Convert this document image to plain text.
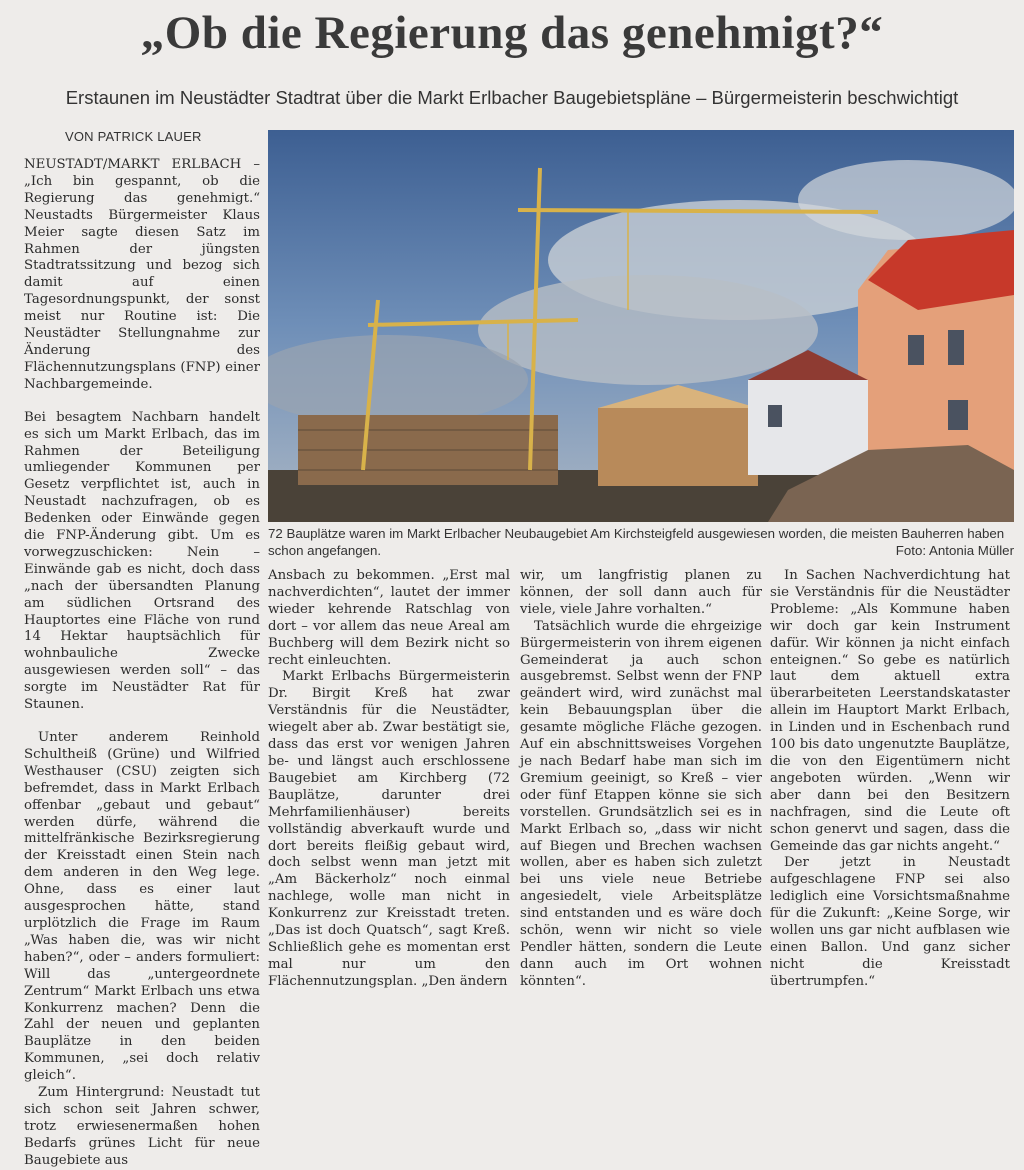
„Ob die Regierung das genehmigt?“
Erstaunen im Neustädter Stadtrat über die Markt Erlbacher Baugebietspläne – Bürgermeisterin beschwichtigt
VON PATRICK LAUER

NEUSTADT/MARKT ERLBACH – „Ich bin gespannt, ob die Regierung das genehmigt.“ Neustadts Bürgermeister Klaus Meier sagte diesen Satz im Rahmen der jüngsten Stadtratssitzung und bezog sich damit auf einen Tagesordnungspunkt, der sonst meist nur Routine ist: Die Neustädter Stellungnahme zur Änderung des Flächennutzungsplans (FNP) einer Nachbargemeinde.

Bei besagtem Nachbarn handelt es sich um Markt Erlbach, das im Rahmen der Beteiligung umliegender Kommunen per Gesetz verpflichtet ist, auch in Neustadt nachzufragen, ob es Bedenken oder Einwände gegen die FNP-Änderung gibt. Um es vorwegzuschicken: Nein – Einwände gab es nicht, doch dass „nach der übersandten Planung am südlichen Ortsrand des Hauptortes eine Fläche von rund 14 Hektar hauptsächlich für wohnbauliche Zwecke ausgewiesen werden soll“ – das sorgte im Neustädter Rat für Staunen.

Unter anderem Reinhold Schultheiß (Grüne) und Wilfried Westhauser (CSU) zeigten sich befremdet, dass in Markt Erlbach offenbar „gebaut und gebaut“ werden dürfe, während die mittelfränkische Bezirksregierung der Kreisstadt einen Stein nach dem anderen in den Weg lege. Ohne, dass es einer laut ausgesprochen hätte, stand urplötzlich die Frage im Raum „Was haben die, was wir nicht haben?“, oder – anders formuliert: Will das „untergeordnete Zentrum“ Markt Erlbach uns etwa Konkurrenz machen? Denn die Zahl der neuen und geplanten Bauplätze in den beiden Kommunen, „sei doch relativ gleich“.

Zum Hintergrund: Neustadt tut sich schon seit Jahren schwer, trotz erwiesenermaßen hohen Bedarfs grünes Licht für neue Baugebiete aus

72 Bauplätze waren im Markt Erlbacher Neubaugebiet Am Kirchsteigfeld ausgewiesen worden, die meisten Bauherren haben schon angefangen.	Foto: Antonia Müller

Ansbach zu bekommen. „Erst mal nachverdichten“, lautet der immer wieder kehrende Ratschlag von dort – vor allem das neue Areal am Buchberg will dem Bezirk nicht so recht einleuchten.

Markt Erlbachs Bürgermeisterin Dr. Birgit Kreß hat zwar Verständnis für die Neustädter, wiegelt aber ab. Zwar bestätigt sie, dass das erst vor wenigen Jahren be- und längst auch erschlossene Baugebiet am Kirchberg (72 Bauplätze, darunter drei Mehrfamilienhäuser) bereits vollständig abverkauft wurde und dort bereits fleißig gebaut wird, doch selbst wenn man jetzt mit „Am Bäckerholz“ noch einmal nachlege, wolle man nicht in Konkurrenz zur Kreisstadt treten. „Das ist doch Quatsch“, sagt Kreß. Schließlich gehe es momentan erst mal nur um den Flächennutzungsplan. „Den ändern

wir, um langfristig planen zu können, der soll dann auch für viele, viele Jahre vorhalten.“

Tatsächlich wurde die ehrgeizige Bürgermeisterin von ihrem eigenen Gemeinderat ja auch schon ausgebremst. Selbst wenn der FNP geändert wird, wird zunächst mal kein Bebauungsplan über die gesamte mögliche Fläche gezogen. Auf ein abschnittsweises Vorgehen je nach Bedarf habe man sich im Gremium geeinigt, so Kreß – vier oder fünf Etappen könne sie sich vorstellen. Grundsätzlich sei es in Markt Erlbach so, „dass wir nicht auf Biegen und Brechen wachsen wollen, aber es haben sich zuletzt bei uns viele neue Betriebe angesiedelt, viele Arbeitsplätze sind entstanden und es wäre doch schön, wenn wir nicht so viele Pendler hätten, sondern die Leute dann auch im Ort wohnen könnten“.

In Sachen Nachverdichtung hat sie Verständnis für die Neustädter Probleme: „Als Kommune haben wir doch gar kein Instrument dafür. Wir können ja nicht einfach enteignen.“ So gebe es natürlich laut dem aktuell extra überarbeiteten Leerstandskataster allein im Hauptort Markt Erlbach, in Linden und in Eschenbach rund 100 bis dato ungenutzte Bauplätze, die von den Eigentümern nicht angeboten würden. „Wenn wir aber dann bei den Besitzern nachfragen, sind die Leute oft schon genervt und sagen, dass die Gemeinde das gar nichts angeht.“

Der jetzt in Neustadt aufgeschlagene FNP sei also lediglich eine Vorsichtsmaßnahme für die Zukunft: „Keine Sorge, wir wollen uns gar nicht aufblasen wie einen Ballon. Und ganz sicher nicht die Kreisstadt übertrumpfen.“
